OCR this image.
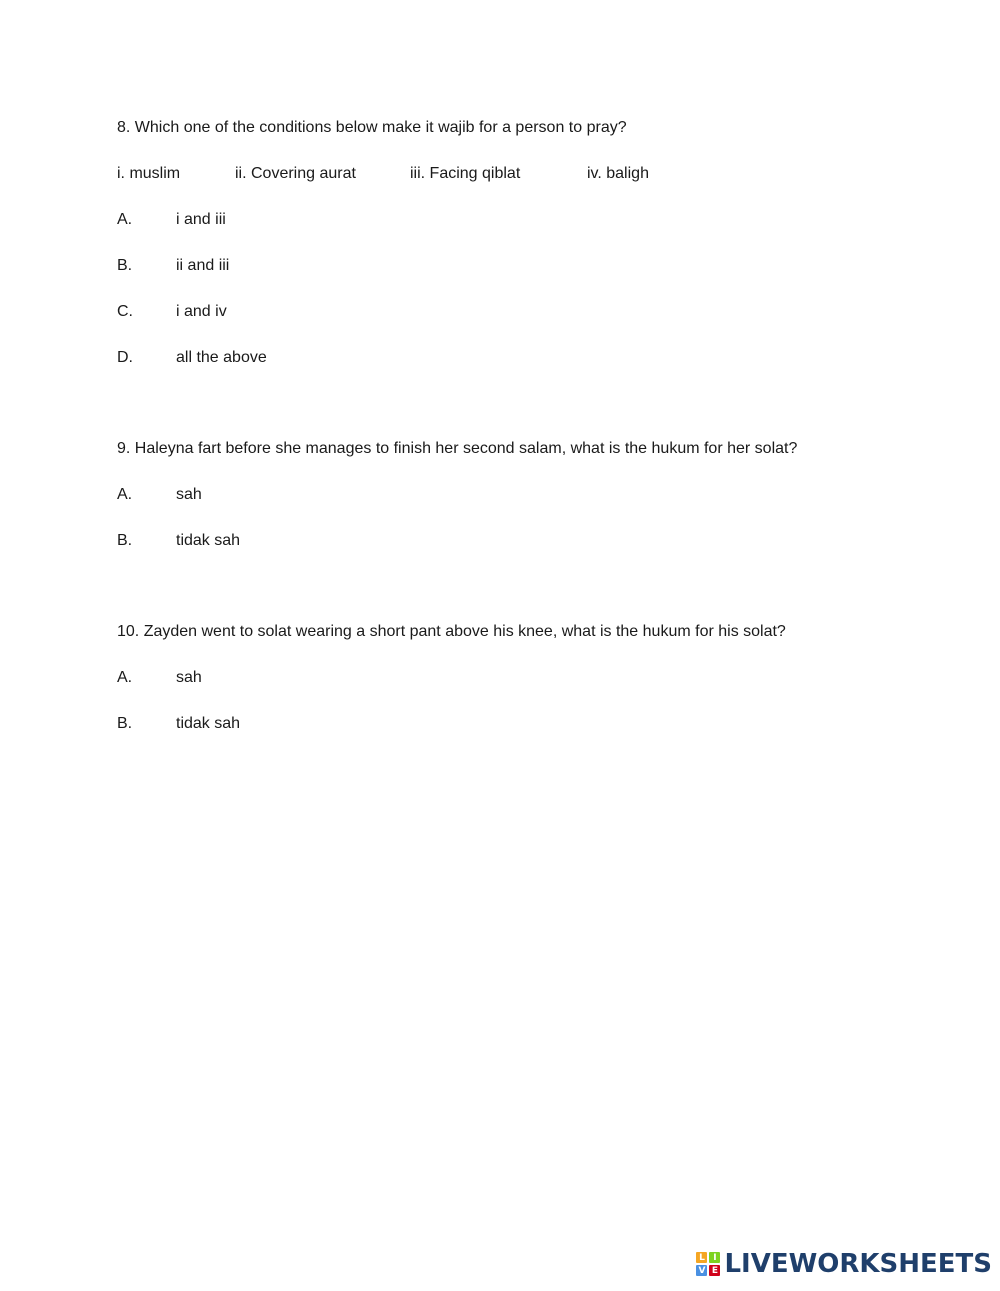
8. Which one of the conditions below make it wajib for a person to pray?
i. muslim	ii. Covering aurat	iii. Facing qiblat	iv. baligh
A.	i and iii
B.	ii and iii
C.	i and iv
D.	all the above
9. Haleyna fart before she manages to finish her second salam, what is the hukum for her solat?
A.	sah
B.	tidak sah
10. Zayden went to solat wearing a short pant above his knee, what is the hukum for his solat?
A.	sah
B.	tidak sah
L I
V E LIVEWORKSHEETS
